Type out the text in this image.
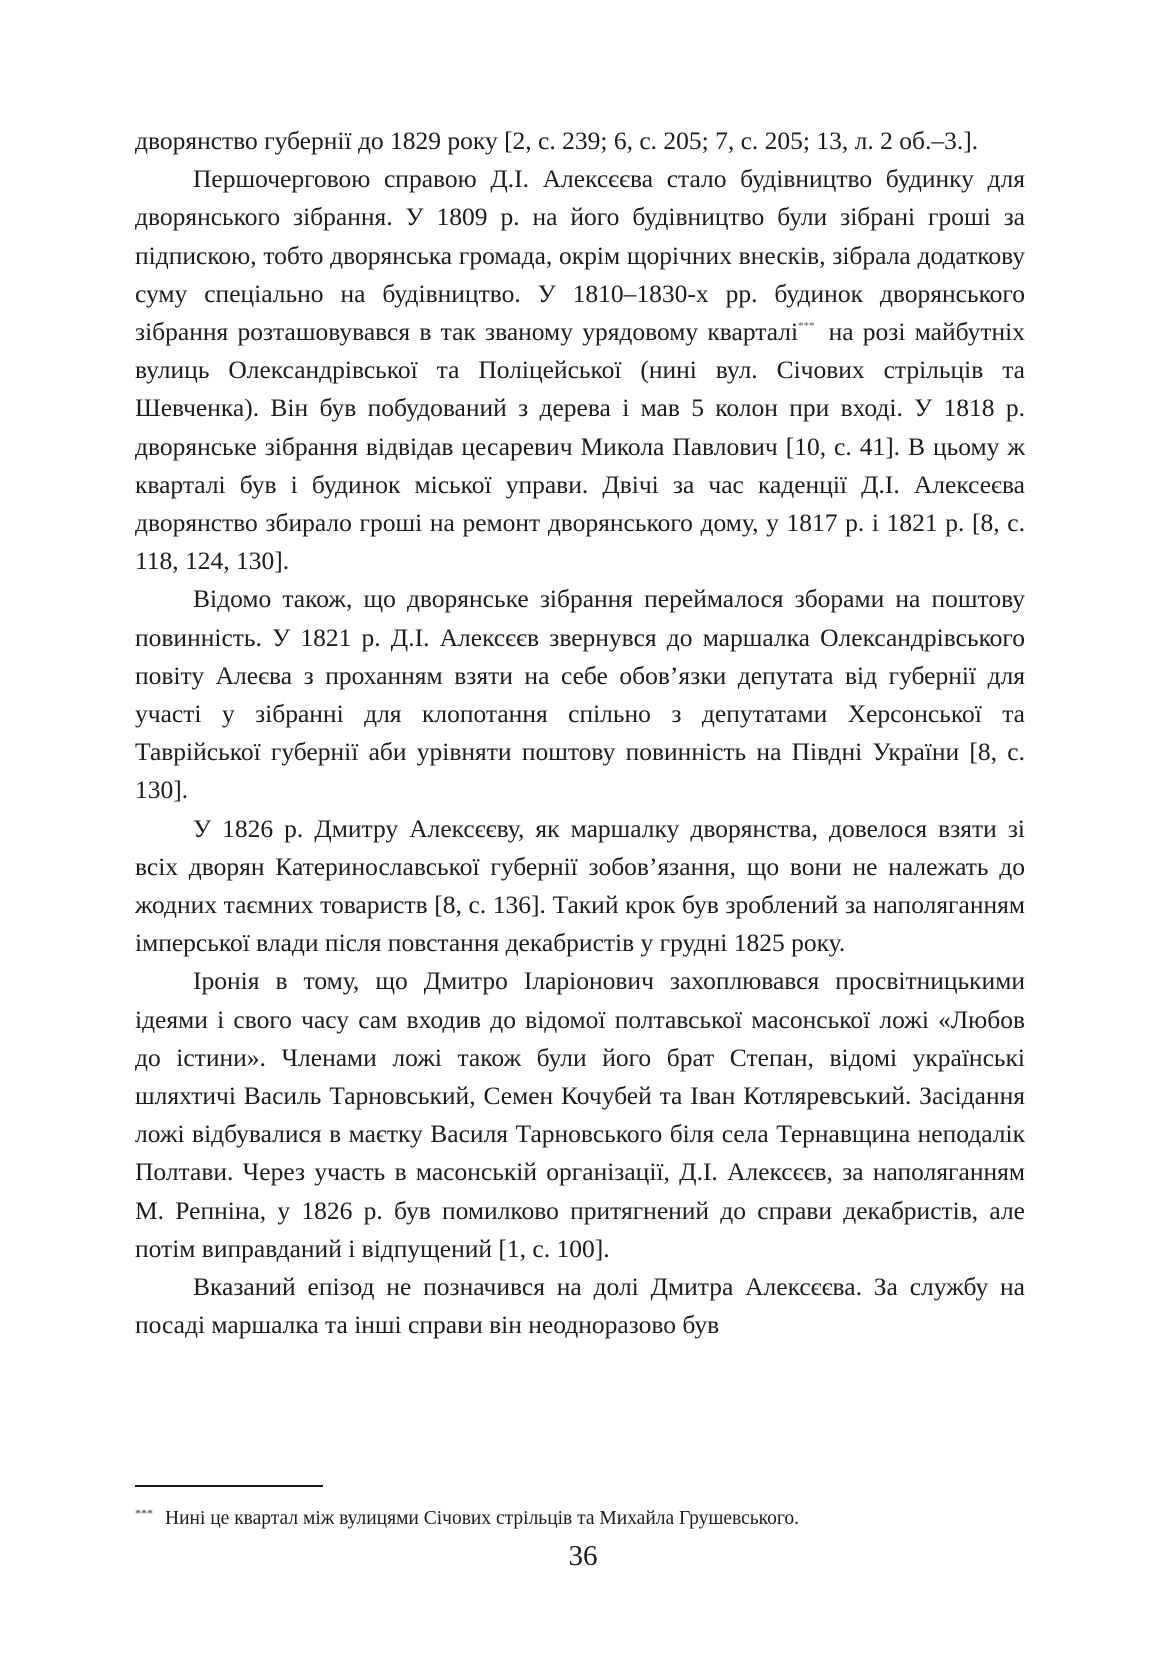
дворянство губернії до 1829 року [2, с. 239; 6, с. 205; 7, с. 205; 13, л. 2 об.–3.].

Першочерговою справою Д.І. Алексєєва стало будівництво будинку для дворянського зібрання. У 1809 р. на його будівництво були зібрані гроші за підпискою, тобто дворянська громада, окрім щорічних внесків, зібрала додаткову суму спеціально на будівництво. У 1810–1830-х рр. будинок дворянського зібрання розташовувався в так званому урядовому кварталі*** на розі майбутніх вулиць Олександрівської та Поліцейської (нині вул. Січових стрільців та Шевченка). Він був побудований з дерева і мав 5 колон при вході. У 1818 р. дворянське зібрання відвідав цесаревич Микола Павлович [10, с. 41]. В цьому ж кварталі був і будинок міської управи. Двічі за час каденції Д.І. Алексеєва дворянство збирало гроші на ремонт дворянського дому, у 1817 р. і 1821 р. [8, с. 118, 124, 130].

Відомо також, що дворянське зібрання переймалося зборами на поштову повинність. У 1821 р. Д.І. Алексєєв звернувся до маршалка Олександрівського повіту Алеєва з проханням взяти на себе обов’язки депутата від губернії для участі у зібранні для клопотання спільно з депутатами Херсонської та Таврійської губернії аби урівняти поштову повинність на Півдні України [8, с. 130].

У 1826 р. Дмитру Алексєєву, як маршалку дворянства, довелося взяти зі всіх дворян Катеринославської губернії зобов’язання, що вони не належать до жодних таємних товариств [8, с. 136]. Такий крок був зроблений за наполяганням імперської влади після повстання декабристів у грудні 1825 року.

Іронія в тому, що Дмитро Іларіонович захоплювався просвітницькими ідеями і свого часу сам входив до відомої полтавської масонської ложі «Любов до істини». Членами ложі також були його брат Степан, відомі українські шляхтичі Василь Тарновський, Семен Кочубей та Іван Котляревський. Засідання ложі відбувалися в маєтку Василя Тарновського біля села Тернавщина неподалік Полтави. Через участь в масонській організації, Д.І. Алексєєв, за наполяганням М. Репніна, у 1826 р. був помилково притягнений до справи декабристів, але потім виправданий і відпущений [1, с. 100].

Вказаний епізод не позначився на долі Дмитра Алексєєва. За службу на посаді маршалка та інші справи він неодноразово був

*** Нині це квартал між вулицями Січових стрільців та Михайла Грушевського.
36
